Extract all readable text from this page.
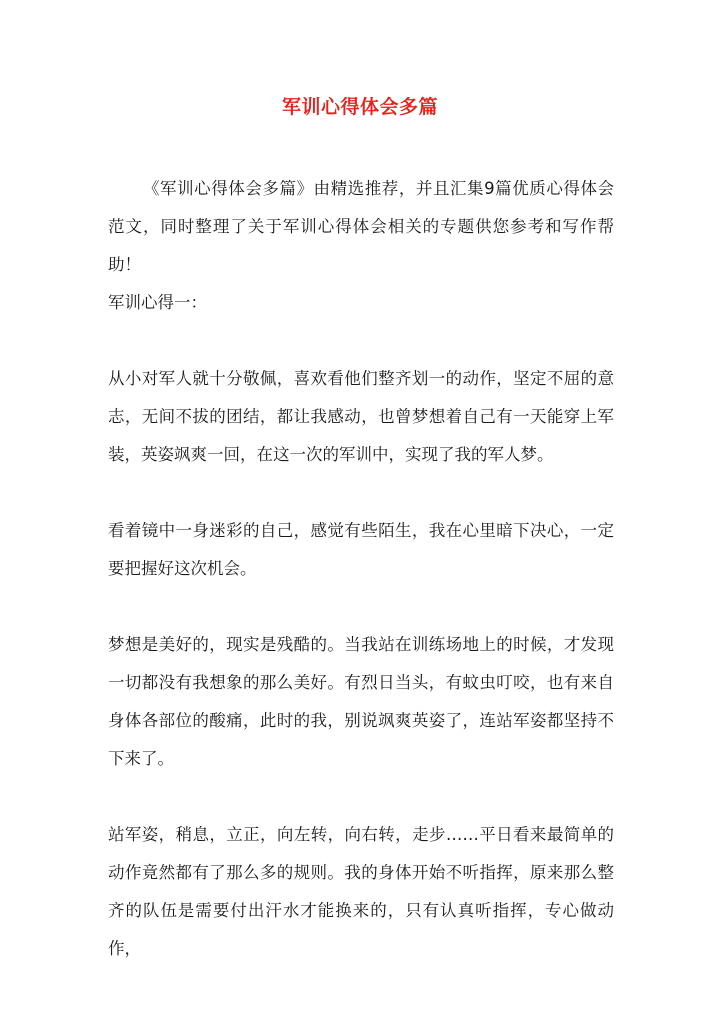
军训心得体会多篇

《军训心得体会多篇》由精选推荐，并且汇集9篇优质心得体会范文，同时整理了关于军训心得体会相关的专题供您参考和写作帮助！

军训心得一：

从小对军人就十分敬佩，喜欢看他们整齐划一的动作，坚定不屈的意志，无间不拔的团结，都让我感动，也曾梦想着自己有一天能穿上军装，英姿飒爽一回，在这一次的军训中，实现了我的军人梦。

看着镜中一身迷彩的自己，感觉有些陌生，我在心里暗下决心，一定要把握好这次机会。

梦想是美好的，现实是残酷的。当我站在训练场地上的时候，才发现一切都没有我想象的那么美好。有烈日当头，有蚊虫叮咬，也有来自身体各部位的酸痛，此时的我，别说飒爽英姿了，连站军姿都坚持不下来了。

站军姿，稍息，立正，向左转，向右转，走步……平日看来最简单的动作竟然都有了那么多的规则。我的身体开始不听指挥，原来那么整齐的队伍是需要付出汗水才能换来的，只有认真听指挥，专心做动作，
